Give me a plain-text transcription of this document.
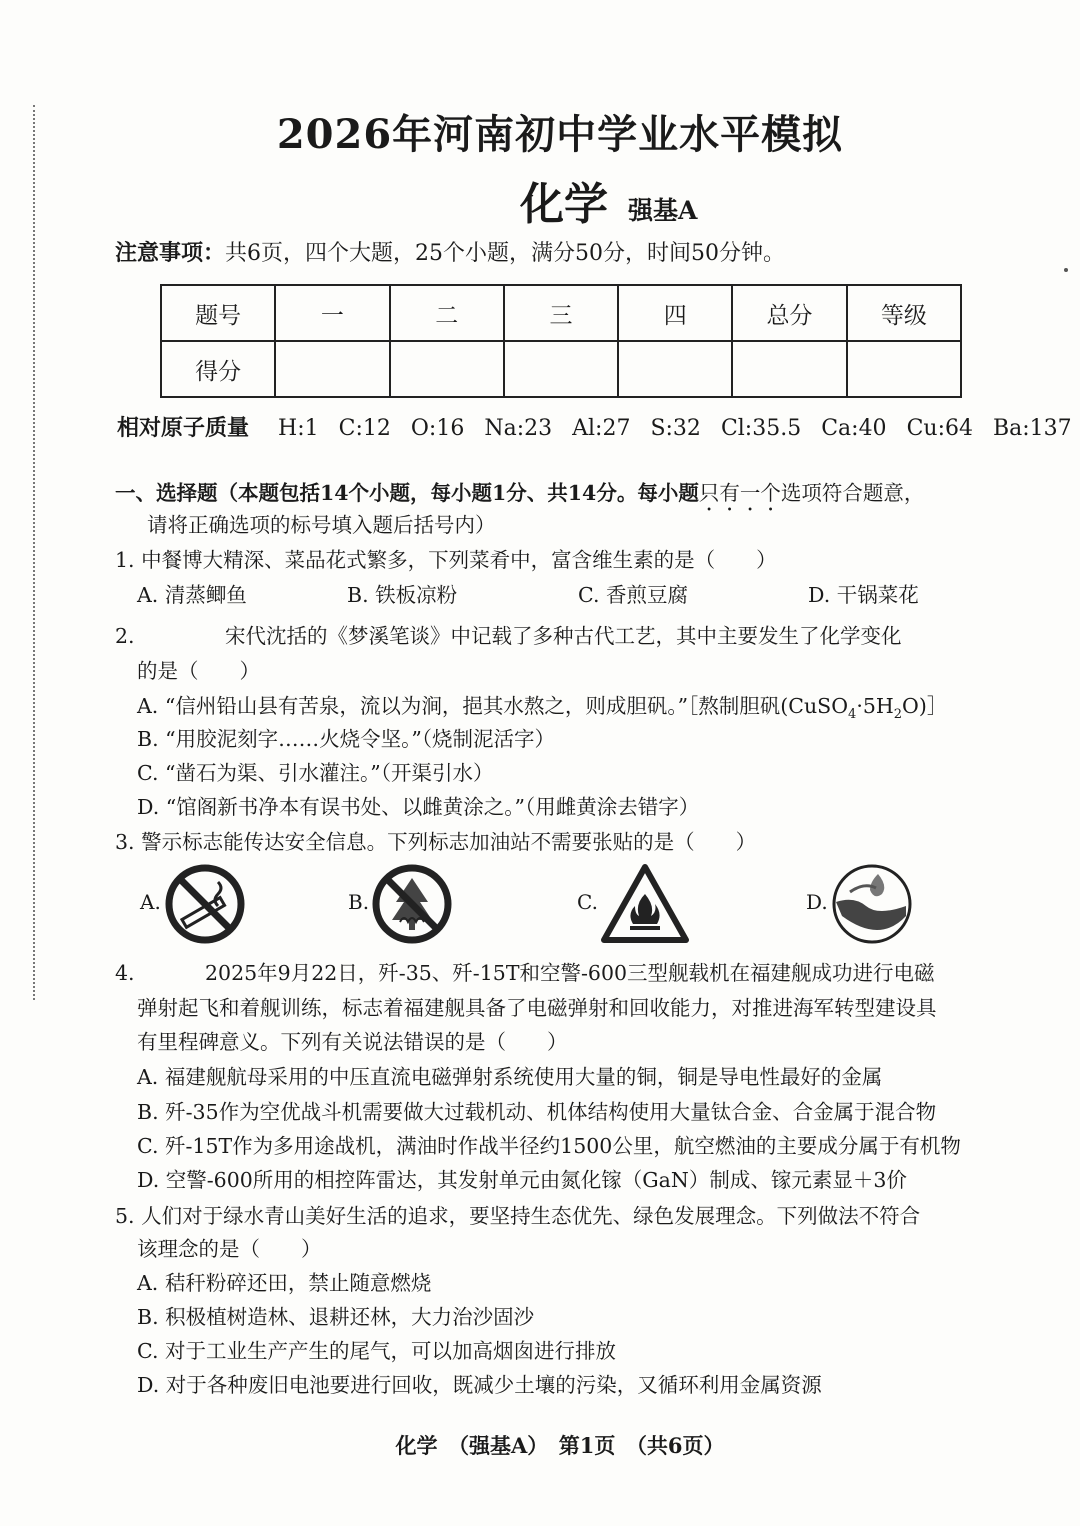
2026年河南初中学业水平模拟
化学 强基A
注意事项：共6页，四个大题，25个小题，满分50分，时间50分钟。
题号	一	二	三	四	总分	等级
得分						
相对原子质量 H:1 C:12 O:16 Na:23 Al:27 S:32 Cl:35.5 Ca:40 Cu:64 Ba:137
一、选择题（本题包括14个小题，每小题1分、共14分。每小题只有一个选项符合题意，
请将正确选项的标号填入题后括号内）
1. 中餐博大精深、菜品花式繁多，下列菜肴中，富含维生素的是（　　）
A. 清蒸鲫鱼	B. 铁板凉粉	C. 香煎豆腐	D. 干锅菜花
2.	宋代沈括的《梦溪笔谈》中记载了多种古代工艺，其中主要发生了化学变化
的是（　　）
A. “信州铅山县有苦泉，流以为涧，挹其水熬之，则成胆矾。”［熬制胆矾$(CuSO_4\cdot 5H_2O)]$
B. “用胶泥刻字……火烧令坚。”（烧制泥活字）
C. “凿石为渠、引水灌注。”（开渠引水）
D. “馆阁新书净本有误书处、以雌黄涂之。”（用雌黄涂去错字）
3. 警示标志能传达安全信息。下列标志加油站不需要张贴的是（　　）
A.	B.	C.	D.
4.	2025年9月22日，歼-35、歼-15T和空警-600三型舰载机在福建舰成功进行电磁
弹射起飞和着舰训练，标志着福建舰具备了电磁弹射和回收能力，对推进海军转型建设具
有里程碑意义。下列有关说法错误的是（　　）
A. 福建舰航母采用的中压直流电磁弹射系统使用大量的铜，铜是导电性最好的金属
B. 歼-35作为空优战斗机需要做大过载机动、机体结构使用大量钛合金、合金属于混合物
C. 歼-15T作为多用途战机，满油时作战半径约1500公里，航空燃油的主要成分属于有机物
D. 空警-600所用的相控阵雷达，其发射单元由氮化镓（GaN）制成、镓元素显＋3价
5. 人们对于绿水青山美好生活的追求，要坚持生态优先、绿色发展理念。下列做法不符合
该理念的是（　　）
A. 秸秆粉碎还田，禁止随意燃烧
B. 积极植树造林、退耕还林，大力治沙固沙
C. 对于工业生产产生的尾气，可以加高烟囱进行排放
D. 对于各种废旧电池要进行回收，既减少土壤的污染，又循环利用金属资源
化学　（强基A）　第1页　（共6页）
